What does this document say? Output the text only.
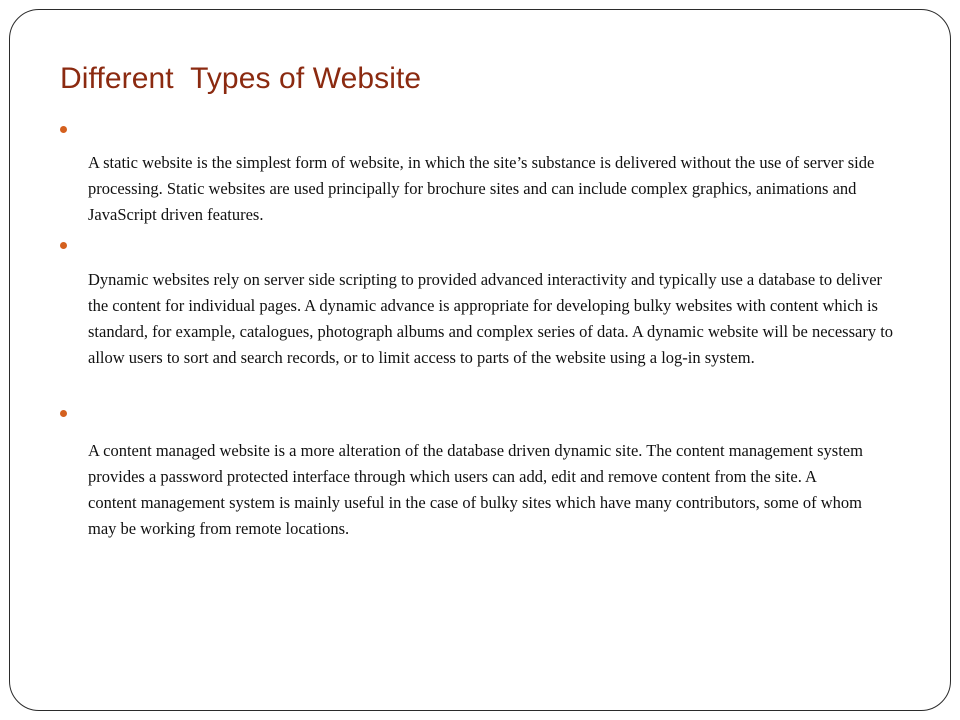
Different  Types of Website

A static website is the simplest form of website, in which the site’s substance is delivered without the use of server side processing. Static websites are used principally for brochure sites and can include complex graphics, animations and JavaScript driven features.

Dynamic websites rely on server side scripting to provided advanced interactivity and typically use a database to deliver the content for individual pages. A dynamic advance is appropriate for developing bulky websites with content which is standard, for example, catalogues, photograph albums and complex series of data. A dynamic website will be necessary to allow users to sort and search records, or to limit access to parts of the website using a log-in system.

A content managed website is a more alteration of the database driven dynamic site. The content management system provides a password protected interface through which users can add, edit and remove content from the site. A content management system is mainly useful in the case of bulky sites which have many contributors, some of whom may be working from remote locations.
